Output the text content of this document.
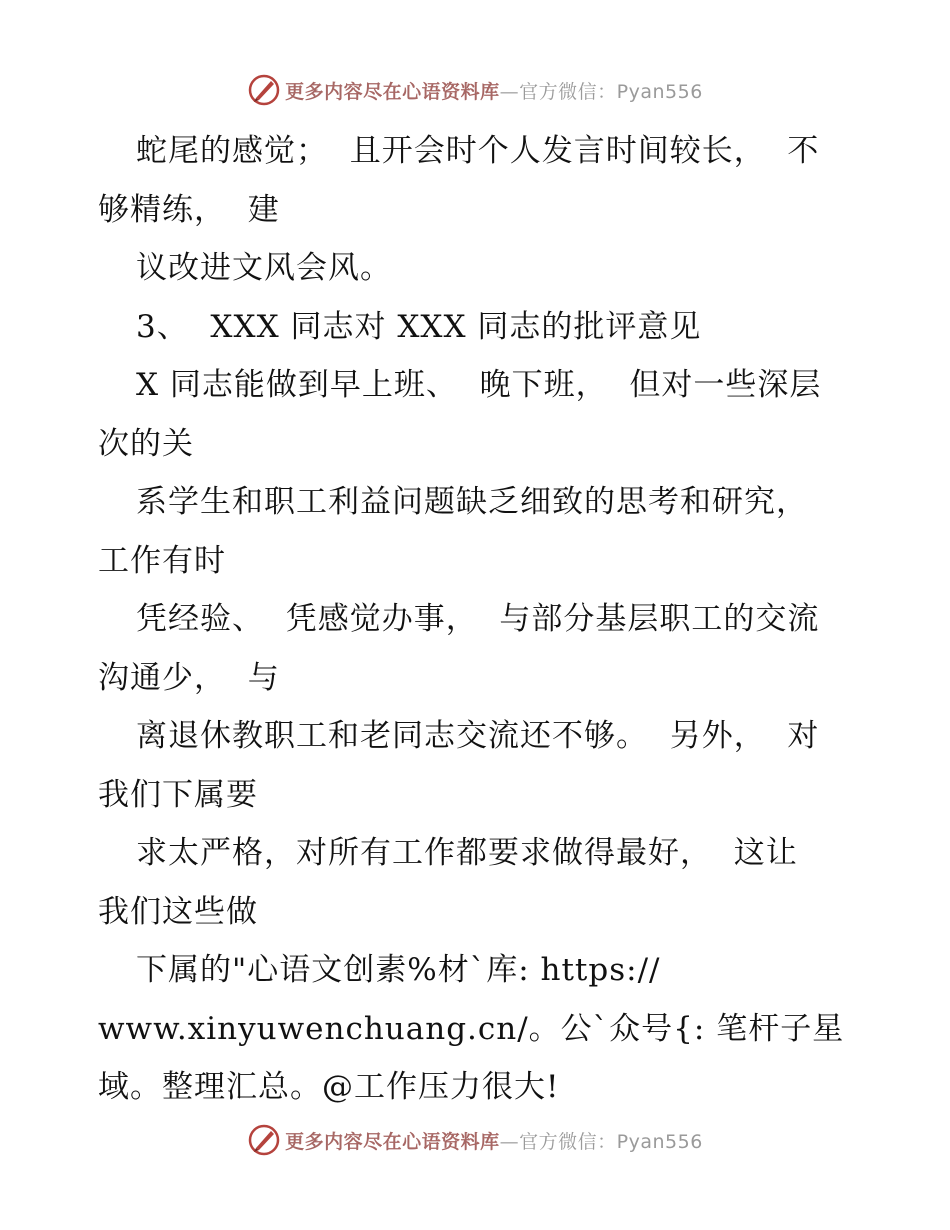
更多内容尽在心语资料库—官方微信：Pyan556
蛇尾的感觉；  且开会时个人发言时间较长，  不
够精练，  建
议改进文风会风。
3、  XXX 同志对 XXX 同志的批评意见
X 同志能做到早上班、  晚下班，  但对一些深层
次的关
系学生和职工利益问题缺乏细致的思考和研究，
工作有时
凭经验、  凭感觉办事，  与部分基层职工的交流
沟通少，  与
离退休教职工和老同志交流还不够。  另外，  对
我们下属要
求太严格，对所有工作都要求做得最好，  这让
我们这些做
下属的"心语文创素%材`库: https://
www.xinyuwenchuang.cn/。公`众号{: 笔杆子星
域。整理汇总。@工作压力很大!
更多内容尽在心语资料库—官方微信：Pyan556
